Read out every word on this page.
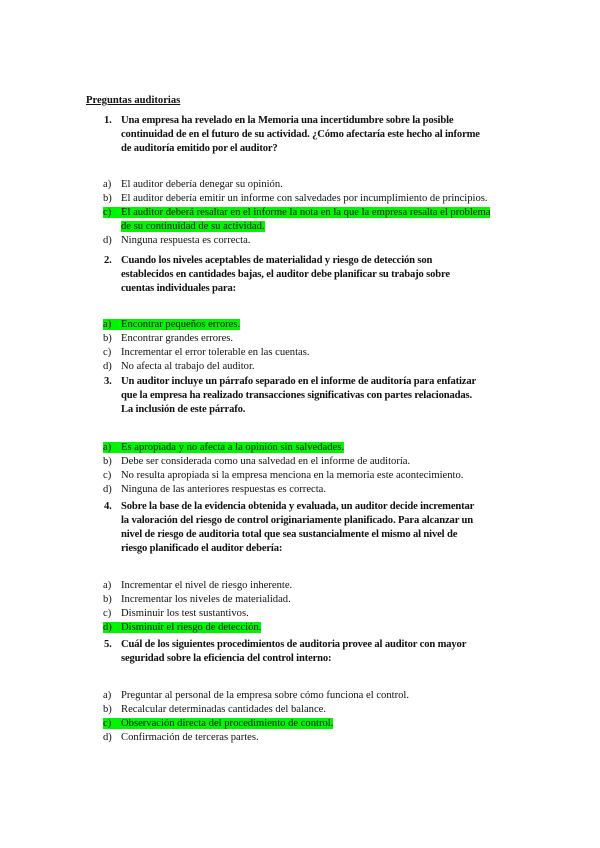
Preguntas auditorias
1. Una empresa ha revelado en la Memoria una incertidumbre sobre la posible
continuidad de en el futuro de su actividad. ¿Cómo afectaría este hecho al informe
de auditoría emitido por el auditor?
a) El auditor debería denegar su opinión.
b) El auditor debería emitir un informe con salvedades por incumplimiento de principios.
c) El auditor deberá resaltar en el informe la nota en la que la empresa resalta el problema
de su continuidad de su actividad.
d) Ninguna respuesta es correcta.
2. Cuando los niveles aceptables de materialidad y riesgo de detección son
establecidos en cantidades bajas, el auditor debe planificar su trabajo sobre
cuentas individuales para:
a) Encontrar pequeños errores.
b) Encontrar grandes errores.
c) Incrementar el error tolerable en las cuentas.
d) No afecta al trabajo del auditor.
3. Un auditor incluye un párrafo separado en el informe de auditoría para enfatizar
que la empresa ha realizado transacciones significativas con partes relacionadas.
La inclusión de este párrafo.
a) Es apropiada y no afecta a la opinión sin salvedades.
b) Debe ser considerada como una salvedad en el informe de auditoría.
c) No resulta apropiada si la empresa menciona en la memoria este acontecimiento.
d) Ninguna de las anteriores respuestas es correcta.
4. Sobre la base de la evidencia obtenida y evaluada, un auditor decide incrementar
la valoración del riesgo de control originariamente planificado. Para alcanzar un
nivel de riesgo de auditoria total que sea sustancialmente el mismo al nivel de
riesgo planificado el auditor debería:
a) Incrementar el nivel de riesgo inherente.
b) Incrementar los niveles de materialidad.
c) Disminuir los test sustantivos.
d) Disminuir el riesgo de detección.
5. Cuál de los siguientes procedimientos de auditoria provee al auditor con mayor
seguridad sobre la eficiencia del control interno:
a) Preguntar al personal de la empresa sobre cómo funciona el control.
b) Recalcular determinadas cantidades del balance.
c) Observación directa del procedimiento de control.
d) Confirmación de terceras partes.
